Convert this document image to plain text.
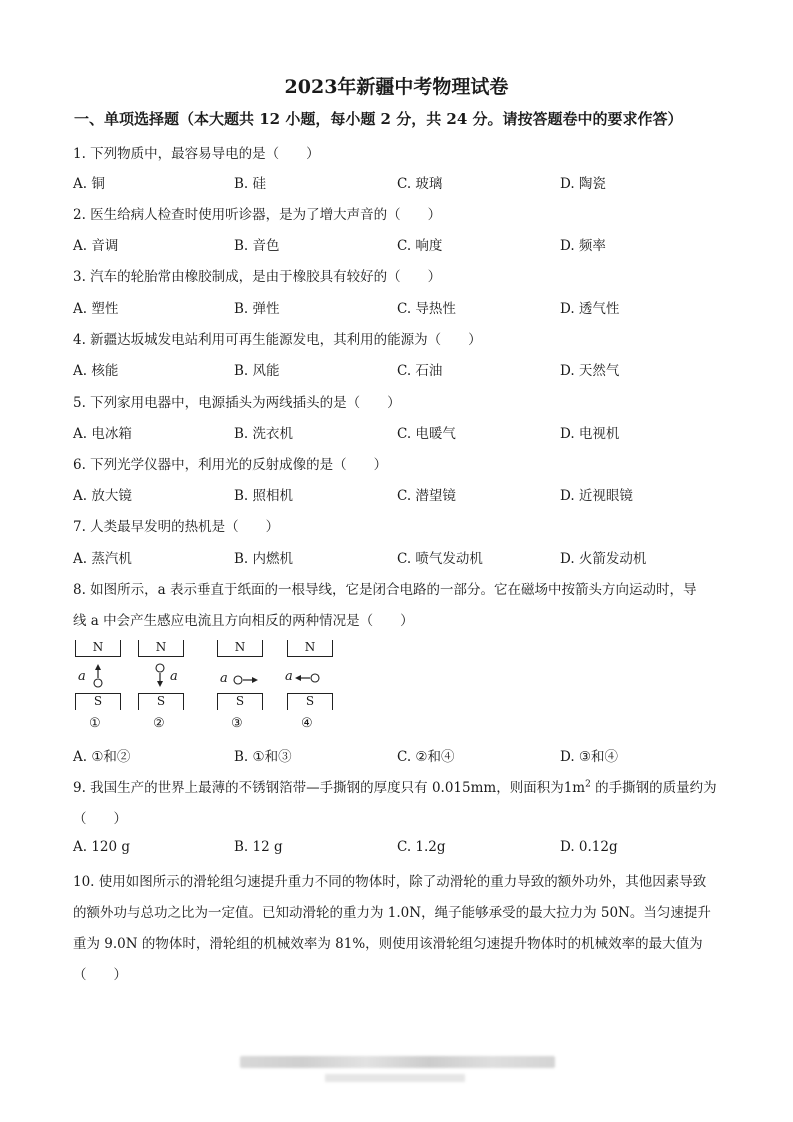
2023年新疆中考物理试卷
一、单项选择题（本大题共 12 小题，每小题 2 分，共 24 分。请按答题卷中的要求作答）
1. 下列物质中，最容易导电的是（　　）
A. 铜	B. 硅	C. 玻璃	D. 陶瓷
2. 医生给病人检查时使用听诊器，是为了增大声音的（　　）
A. 音调	B. 音色	C. 响度	D. 频率
3. 汽车的轮胎常由橡胶制成，是由于橡胶具有较好的（　　）
A. 塑性	B. 弹性	C. 导热性	D. 透气性
4. 新疆达坂城发电站利用可再生能源发电，其利用的能源为（　　）
A. 核能	B. 风能	C. 石油	D. 天然气
5. 下列家用电器中，电源插头为两线插头的是（　　）
A. 电冰箱	B. 洗衣机	C. 电暖气	D. 电视机
6. 下列光学仪器中，利用光的反射成像的是（　　）
A. 放大镜	B. 照相机	C. 潜望镜	D. 近视眼镜
7. 人类最早发明的热机是（　　）
A. 蒸汽机	B. 内燃机	C. 喷气发动机	D. 火箭发动机
8. 如图所示，a 表示垂直于纸面的一根导线，它是闭合电路的一部分。它在磁场中按箭头方向运动时，导
线 a 中会产生感应电流且方向相反的两种情况是（　　）
N
a
S
①
N
a
S
②
N
a
S
③
N
a
S
④
A. ①和②	B. ①和③	C. ②和④	D. ③和④
9. 我国生产的世界上最薄的不锈钢箔带—手撕钢的厚度只有 0.015mm，则面积为$1m^2$ 的手撕钢的质量约为
（　　）
A. 120 g	B. 12 g	C. 1.2g	D. 0.12g
10. 使用如图所示的滑轮组匀速提升重力不同的物体时，除了动滑轮的重力导致的额外功外，其他因素导致
的额外功与总功之比为一定值。已知动滑轮的重力为 1.0N，绳子能够承受的最大拉力为 50N。当匀速提升
重为 9.0N 的物体时，滑轮组的机械效率为 81%，则使用该滑轮组匀速提升物体时的机械效率的最大值为
（　　）
